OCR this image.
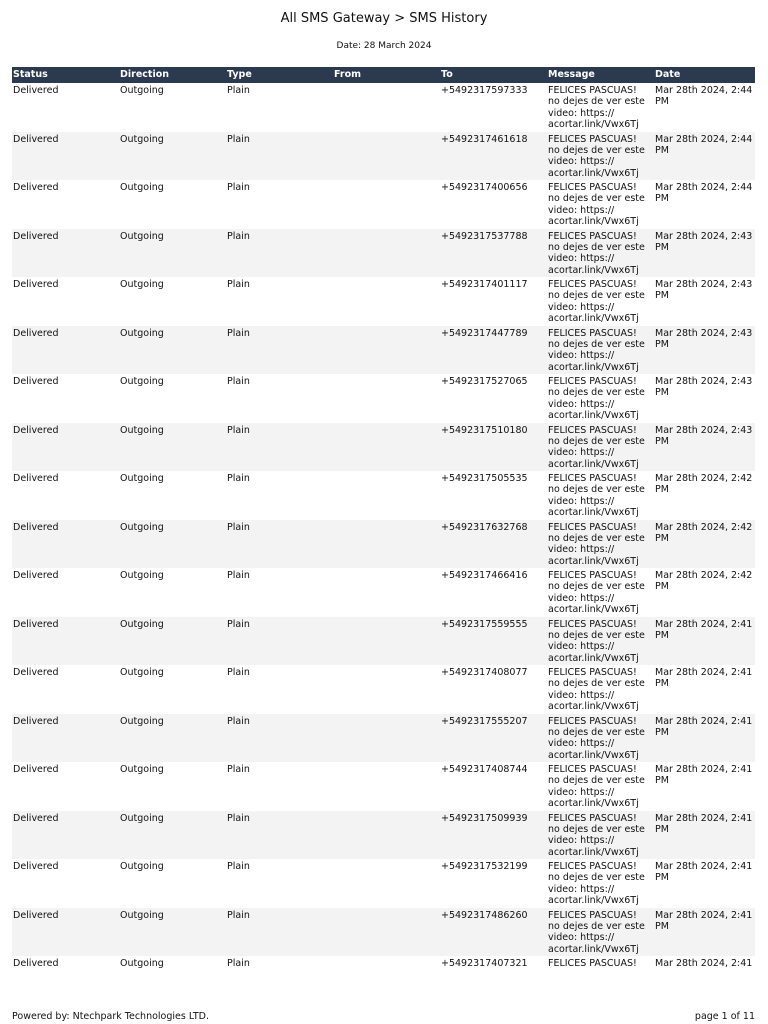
All SMS Gateway > SMS History
Date: 28 March 2024
Status	Direction	Type	From	To	Message	Date
Delivered	Outgoing	Plain		+5492317597333	FELICES PASCUAS!
no dejes de ver este
video: https://
acortar.link/Vwx6Tj	Mar 28th 2024, 2:44
PM
Delivered	Outgoing	Plain		+5492317461618	FELICES PASCUAS!
no dejes de ver este
video: https://
acortar.link/Vwx6Tj	Mar 28th 2024, 2:44
PM
Delivered	Outgoing	Plain		+5492317400656	FELICES PASCUAS!
no dejes de ver este
video: https://
acortar.link/Vwx6Tj	Mar 28th 2024, 2:44
PM
Delivered	Outgoing	Plain		+5492317537788	FELICES PASCUAS!
no dejes de ver este
video: https://
acortar.link/Vwx6Tj	Mar 28th 2024, 2:43
PM
Delivered	Outgoing	Plain		+5492317401117	FELICES PASCUAS!
no dejes de ver este
video: https://
acortar.link/Vwx6Tj	Mar 28th 2024, 2:43
PM
Delivered	Outgoing	Plain		+5492317447789	FELICES PASCUAS!
no dejes de ver este
video: https://
acortar.link/Vwx6Tj	Mar 28th 2024, 2:43
PM
Delivered	Outgoing	Plain		+5492317527065	FELICES PASCUAS!
no dejes de ver este
video: https://
acortar.link/Vwx6Tj	Mar 28th 2024, 2:43
PM
Delivered	Outgoing	Plain		+5492317510180	FELICES PASCUAS!
no dejes de ver este
video: https://
acortar.link/Vwx6Tj	Mar 28th 2024, 2:43
PM
Delivered	Outgoing	Plain		+5492317505535	FELICES PASCUAS!
no dejes de ver este
video: https://
acortar.link/Vwx6Tj	Mar 28th 2024, 2:42
PM
Delivered	Outgoing	Plain		+5492317632768	FELICES PASCUAS!
no dejes de ver este
video: https://
acortar.link/Vwx6Tj	Mar 28th 2024, 2:42
PM
Delivered	Outgoing	Plain		+5492317466416	FELICES PASCUAS!
no dejes de ver este
video: https://
acortar.link/Vwx6Tj	Mar 28th 2024, 2:42
PM
Delivered	Outgoing	Plain		+5492317559555	FELICES PASCUAS!
no dejes de ver este
video: https://
acortar.link/Vwx6Tj	Mar 28th 2024, 2:41
PM
Delivered	Outgoing	Plain		+5492317408077	FELICES PASCUAS!
no dejes de ver este
video: https://
acortar.link/Vwx6Tj	Mar 28th 2024, 2:41
PM
Delivered	Outgoing	Plain		+5492317555207	FELICES PASCUAS!
no dejes de ver este
video: https://
acortar.link/Vwx6Tj	Mar 28th 2024, 2:41
PM
Delivered	Outgoing	Plain		+5492317408744	FELICES PASCUAS!
no dejes de ver este
video: https://
acortar.link/Vwx6Tj	Mar 28th 2024, 2:41
PM
Delivered	Outgoing	Plain		+5492317509939	FELICES PASCUAS!
no dejes de ver este
video: https://
acortar.link/Vwx6Tj	Mar 28th 2024, 2:41
PM
Delivered	Outgoing	Plain		+5492317532199	FELICES PASCUAS!
no dejes de ver este
video: https://
acortar.link/Vwx6Tj	Mar 28th 2024, 2:41
PM
Delivered	Outgoing	Plain		+5492317486260	FELICES PASCUAS!
no dejes de ver este
video: https://
acortar.link/Vwx6Tj	Mar 28th 2024, 2:41
PM
Delivered	Outgoing	Plain		+5492317407321	FELICES PASCUAS!	Mar 28th 2024, 2:41
Powered by: Ntechpark Technologies LTD.	page 1 of 11
